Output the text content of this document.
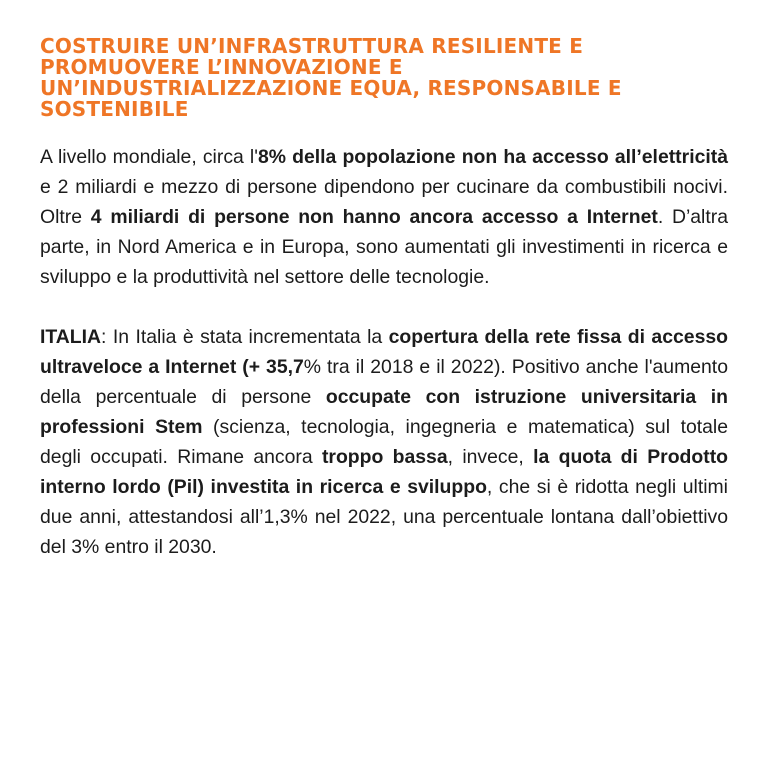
COSTRUIRE UN’INFRASTRUTTURA RESILIENTE E
PROMUOVERE L’INNOVAZIONE E
UN’INDUSTRIALIZZAZIONE EQUA, RESPONSABILE E
SOSTENIBILE

A livello mondiale, circa l'8% della popolazione non ha accesso all’elettricità e 2 miliardi e mezzo di persone dipendono per cucinare da combustibili nocivi. Oltre 4 miliardi di persone non hanno ancora accesso a Internet. D’altra parte, in Nord America e in Europa, sono aumentati gli investimenti in ricerca e sviluppo e la produttività nel settore delle tecnologie.

ITALIA: In Italia è stata incrementata la copertura della rete fissa di accesso ultraveloce a Internet (+ 35,7% tra il 2018 e il 2022). Positivo anche l'aumento della percentuale di persone occupate con istruzione universitaria in professioni Stem (scienza, tecnologia, ingegneria e matematica) sul totale degli occupati. Rimane ancora troppo bassa, invece, la quota di Prodotto interno lordo (Pil) investita in ricerca e sviluppo, che si è ridotta negli ultimi due anni, attestandosi all’1,3% nel 2022, una percentuale lontana dall’obiettivo del 3% entro il 2030.
